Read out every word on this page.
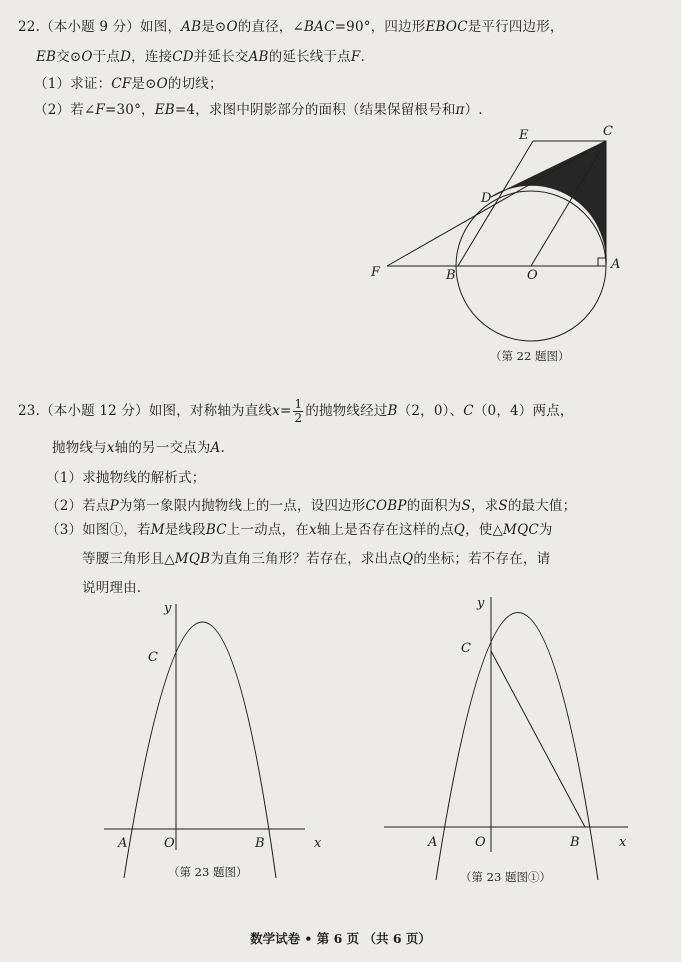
22.（本小题 9 分）如图，AB是⊙O的直径，∠BAC=90°，四边形EBOC是平行四边形，
EB交⊙O于点D，连接CD并延长交AB的延长线于点F.
（1）求证：CF是⊙O的切线；
（2）若∠F=30°，EB=4，求图中阴影部分的面积（结果保留根号和π）.
E	C
D
F	B	O
A
y
C
A	O	B	x
y
C
A	O	B	x
（第 22 题图）
23.（本小题 12 分）如图，对称轴为直线$x= \frac{1}{2}$ 的抛物线经过B（2，0）、C（0，4）两点，
抛物线与x轴的另一交点为A.
（1）求抛物线的解析式；
（2）若点P为第一象限内抛物线上的一点，设四边形COBP的面积为S，求S的最大值；
（3）如图①，若M是线段BC上一动点，在x轴上是否存在这样的点Q，使△MQC为
等腰三角形且△MQB为直角三角形？若存在，求出点Q的坐标；若不存在，请
说明理由.
（第 23 题图）	（第 23 题图①）
数学试卷 • 第 6 页 （共 6 页）
